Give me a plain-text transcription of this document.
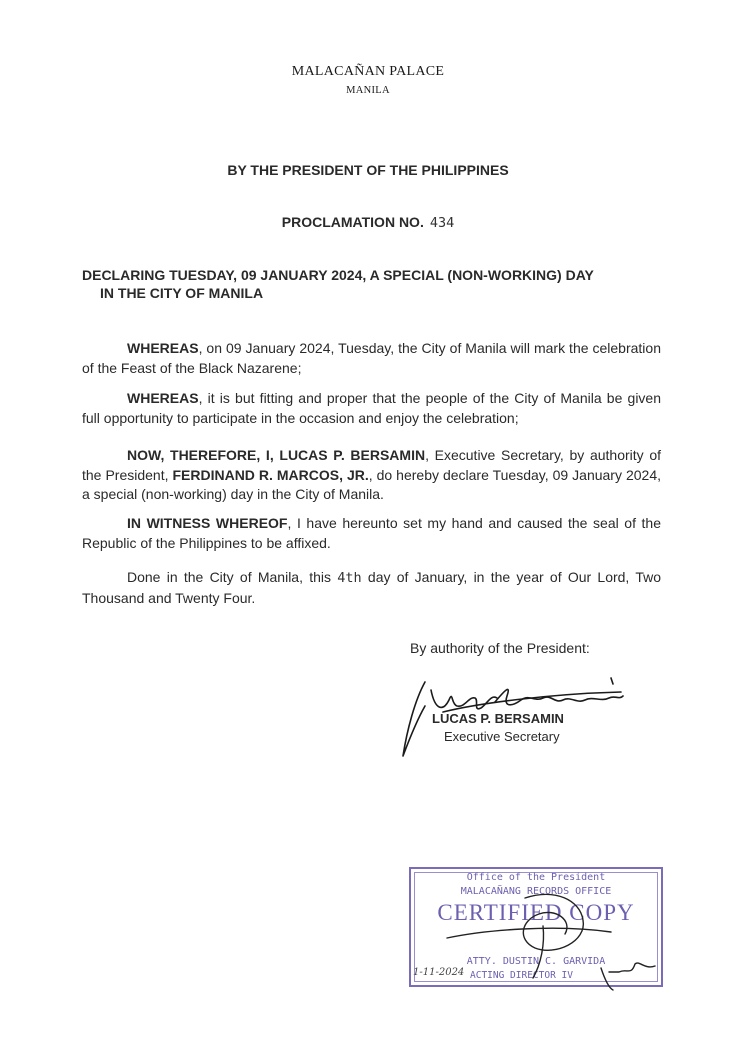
MALACAÑAN PALACE
MANILA
BY THE PRESIDENT OF THE PHILIPPINES
PROCLAMATION NO. 434
DECLARING TUESDAY, 09 JANUARY 2024, A SPECIAL (NON-WORKING) DAY
IN THE CITY OF MANILA
WHEREAS, on 09 January 2024, Tuesday, the City of Manila will mark the celebration of the Feast of the Black Nazarene;
WHEREAS, it is but fitting and proper that the people of the City of Manila be given full opportunity to participate in the occasion and enjoy the celebration;
NOW, THEREFORE, I, LUCAS P. BERSAMIN, Executive Secretary, by authority of the President, FERDINAND R. MARCOS, JR., do hereby declare Tuesday, 09 January 2024, a special (non-working) day in the City of Manila.
IN WITNESS WHEREOF, I have hereunto set my hand and caused the seal of the Republic of the Philippines to be affixed.
Done in the City of Manila, this 4th day of January, in the year of Our Lord, Two Thousand and Twenty Four.
By authority of the President:
LUCAS P. BERSAMIN
Executive Secretary
Office of the President
MALACAÑANG RECORDS OFFICE
CERTIFIED COPY
ATTY. DUSTIN C. GARVIDA
ACTING DIRECTOR IV
1-11-2024
